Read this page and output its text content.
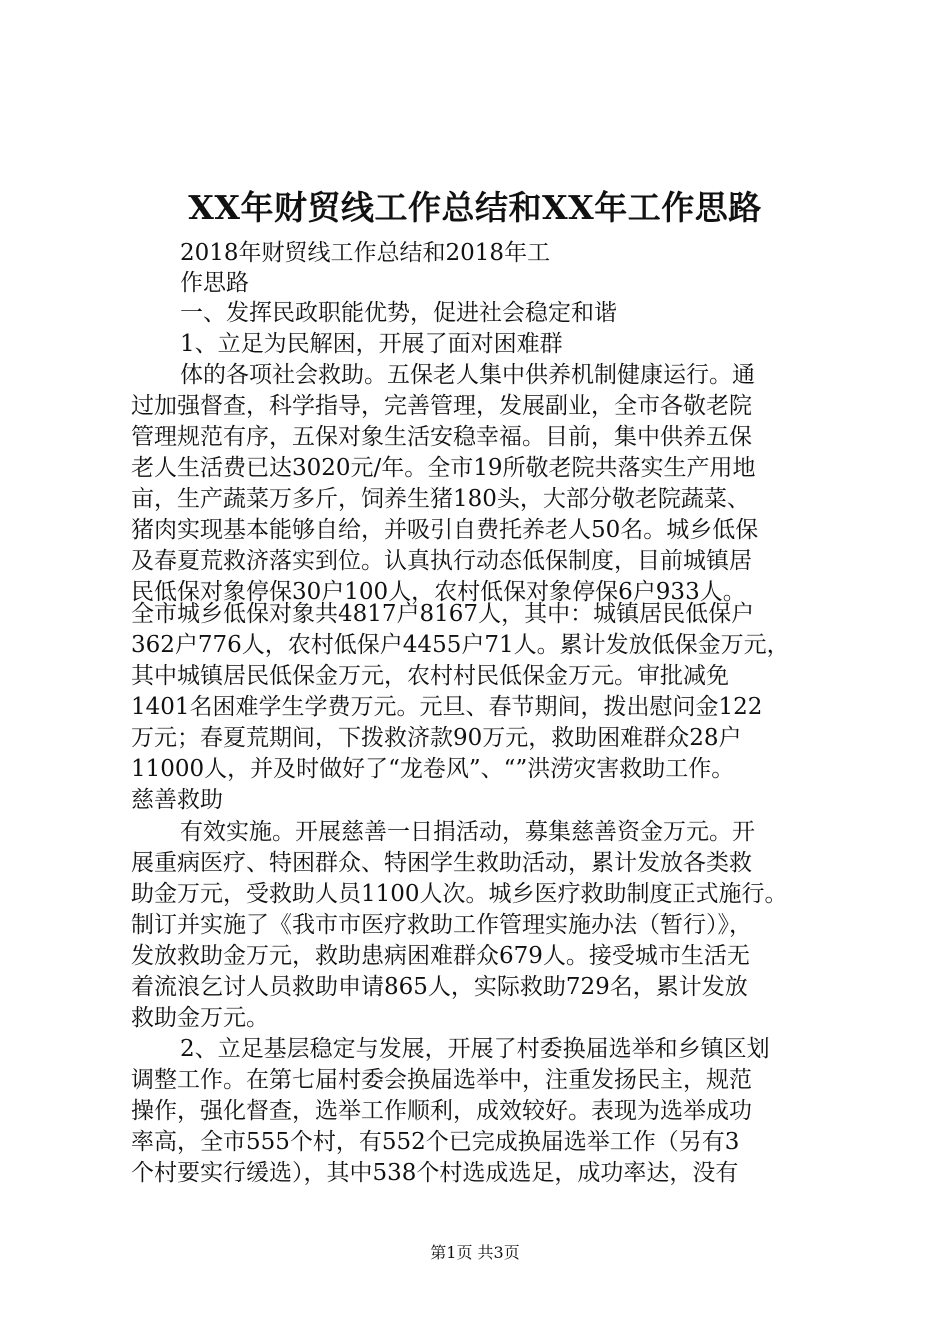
XX年财贸线工作总结和XX年工作思路
2018年财贸线工作总结和2018年工
作思路
一、发挥民政职能优势，促进社会稳定和谐
1、立足为民解困，开展了面对困难群
体的各项社会救助。五保老人集中供养机制健康运行。通
过加强督查，科学指导，完善管理，发展副业，全市各敬老院
管理规范有序，五保对象生活安稳幸福。目前，集中供养五保
老人生活费已达3020元/年。全市19所敬老院共落实生产用地
亩，生产蔬菜万多斤，饲养生猪180头，大部分敬老院蔬菜、
猪肉实现基本能够自给，并吸引自费托养老人50名。城乡低保
及春夏荒救济落实到位。认真执行动态低保制度，目前城镇居
民低保对象停保30户100人，农村低保对象停保6户933人。
全市城乡低保对象共4817户8167人，其中：城镇居民低保户
362户776人，农村低保户4455户71人。累计发放低保金万元，
其中城镇居民低保金万元，农村村民低保金万元。审批减免
1401名困难学生学费万元。元旦、春节期间，拨出慰问金122
万元；春夏荒期间，下拨救济款90万元，救助困难群众28户
11000人，并及时做好了“龙卷风”、“”洪涝灾害救助工作。
慈善救助
有效实施。开展慈善一日捐活动，募集慈善资金万元。开
展重病医疗、特困群众、特困学生救助活动，累计发放各类救
助金万元，受救助人员1100人次。城乡医疗救助制度正式施行。
制订并实施了《我市市医疗救助工作管理实施办法（暂行）》，
发放救助金万元，救助患病困难群众679人。接受城市生活无
着流浪乞讨人员救助申请865人，实际救助729名，累计发放
救助金万元。
2、立足基层稳定与发展，开展了村委换届选举和乡镇区划
调整工作。在第七届村委会换届选举中，注重发扬民主，规范
操作，强化督查，选举工作顺利，成效较好。表现为选举成功
率高，全市555个村，有552个已完成换届选举工作（另有3
个村要实行缓选），其中538个村选成选足，成功率达，没有
第1页 共3页
